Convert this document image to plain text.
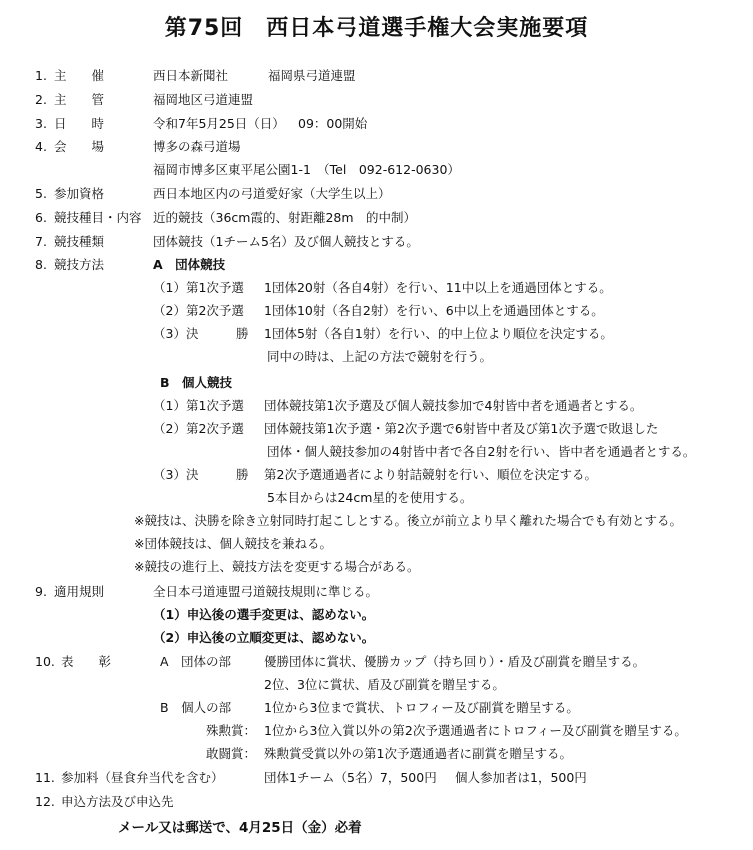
第75回　西日本弓道選手権大会実施要項
1. 主　　催	西日本新聞社	福岡県弓道連盟
2. 主　　管	福岡地区弓道連盟
3. 日　　時	令和7年5月25日（日） 09：00開始
4. 会　　場	博多の森弓道場
福岡市博多区東平尾公園1-1　（Tel　092-612-0630）
5. 参加資格	西日本地区内の弓道愛好家（大学生以上）
6. 競技種目・内容 近的競技（36cm霞的、射距離28m　的中制）
7. 競技種類	団体競技（1チーム5名）及び個人競技とする。
8. 競技方法	A　団体競技
（1）第1次予選 1団体20射（各自4射）を行い、11中以上を通過団体とする。
（2）第2次予選 1団体10射（各自2射）を行い、6中以上を通過団体とする。
（3）決　　　勝 1団体5射（各自1射）を行い、的中上位より順位を決定する。
同中の時は、上記の方法で競射を行う。
B　個人競技
（1）第1次予選 団体競技第1次予選及び個人競技参加で4射皆中者を通過者とする。
（2）第2次予選 団体競技第1次予選・第2次予選で6射皆中者及び第1次予選で敗退した
団体・個人競技参加の4射皆中者で各自2射を行い、皆中者を通過者とする。
（3）決　　　勝 第2次予選通過者により射詰競射を行い、順位を決定する。
5本目からは24cm星的を使用する。
※競技は、決勝を除き立射同時打起こしとする。後立が前立より早く離れた場合でも有効とする。
※団体競技は、個人競技を兼ねる。
※競技の進行上、競技方法を変更する場合がある。
9. 適用規則	全日本弓道連盟弓道競技規則に準じる。
（1）申込後の選手変更は、認めない。
（2）申込後の立順変更は、認めない。
10. 表　　彰	A　団体の部	優勝団体に賞状、優勝カップ（持ち回り）・盾及び副賞を贈呈する。
2位、3位に賞状、盾及び副賞を贈呈する。
B　個人の部	1位から3位まで賞状、トロフィー及び副賞を贈呈する。
殊勲賞： 1位から3位入賞以外の第2次予選通過者にトロフィー及び副賞を贈呈する。
敢闘賞： 殊勲賞受賞以外の第1次予選通過者に副賞を贈呈する。
11. 参加料（昼食弁当代を含む）	団体1チーム（5名）7，500円 個人参加者は1，500円
12. 申込方法及び申込先
メール又は郵送で、4月25日（金）必着
